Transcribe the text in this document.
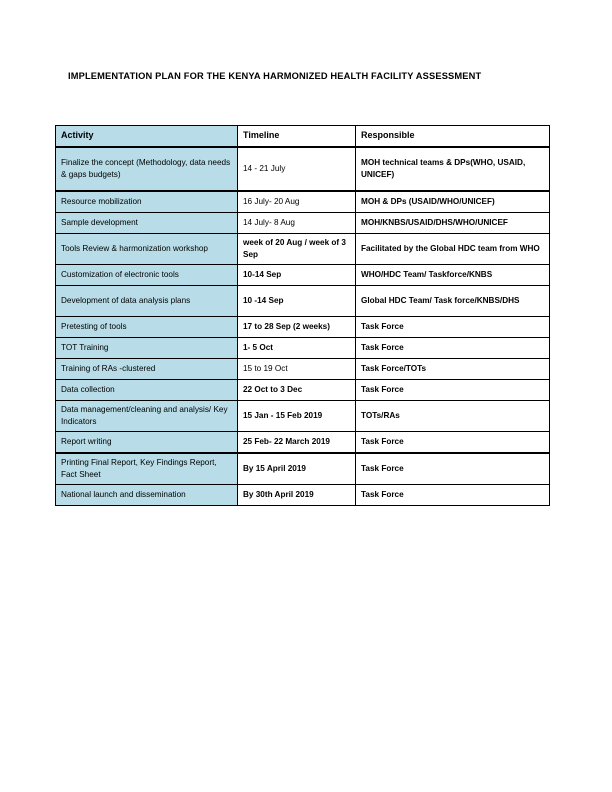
IMPLEMENTATION PLAN FOR THE KENYA HARMONIZED HEALTH FACILITY ASSESSMENT
Activity	Timeline	Responsible
Finalize the concept (Methodology, data needs & gaps budgets)	14 - 21 July	MOH technical teams & DPs(WHO, USAID, UNICEF)
Resource mobilization	16 July- 20 Aug	MOH & DPs (USAID/WHO/UNICEF)
Sample development	14 July- 8 Aug	MOH/KNBS/USAID/DHS/WHO/UNICEF
Tools Review & harmonization workshop	week of 20 Aug / week of 3 Sep	Facilitated by the Global HDC team from WHO
Customization of electronic tools	10-14 Sep	WHO/HDC Team/ Taskforce/KNBS
Development of data analysis plans	10 -14 Sep	Global HDC Team/ Task force/KNBS/DHS
Pretesting of tools	17 to 28 Sep (2 weeks)	Task Force
TOT Training	1- 5 Oct	Task Force
Training of RAs -clustered	15 to 19 Oct	Task Force/TOTs
Data collection	22 Oct to 3 Dec	Task Force
Data management/cleaning and analysis/ Key Indicators	15 Jan - 15 Feb 2019	TOTs/RAs
Report writing	25 Feb- 22 March 2019	Task Force
Printing Final Report, Key Findings Report, Fact Sheet	By 15 April 2019	Task Force
National launch and dissemination	By 30th April 2019	Task Force
